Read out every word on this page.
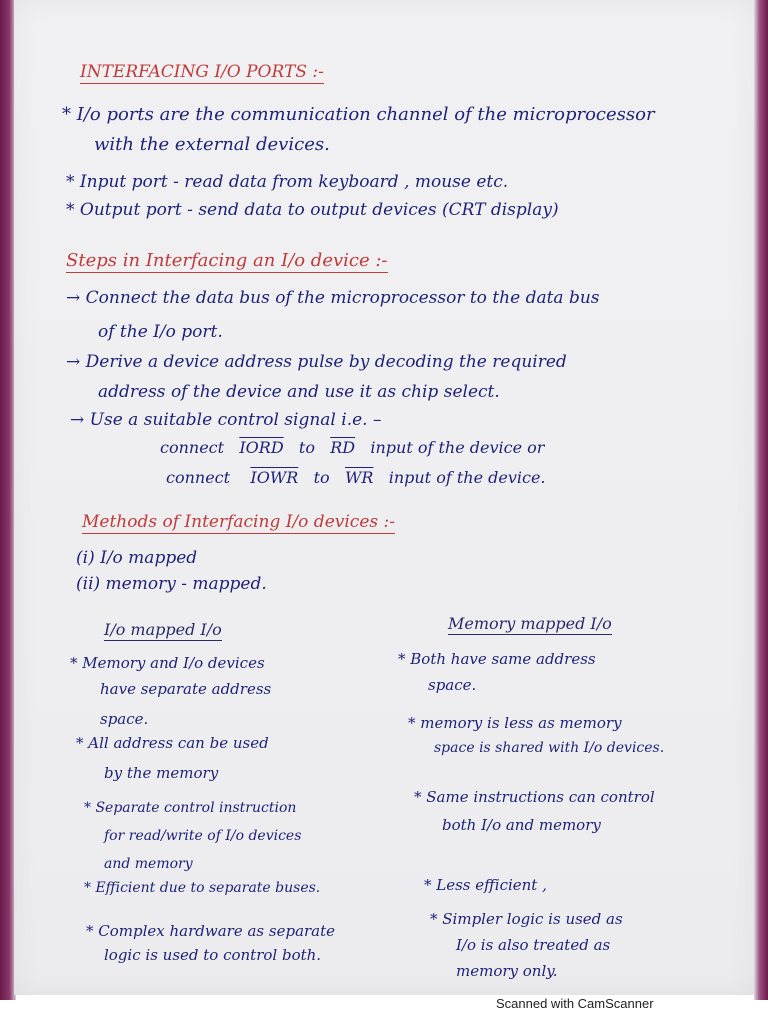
INTERFACING I/O PORTS :-
* I/o ports are the communication channel of the microprocessor
with the external devices.
* Input port - read data from keyboard , mouse etc.
* Output port - send data to output devices (CRT display)
Steps in Interfacing an I/o device :-
→ Connect the data bus of the microprocessor to the data bus
of the I/o port.
→ Derive a device address pulse by decoding the required
address of the device and use it as chip select.
→ Use a suitable control signal i.e. –
connect IORD to $\overline{RD}$ input of the device or
connect IOWR to $\overline{WR}$ input of the device.
Methods of Interfacing I/o devices :-
(i) I/o mapped
(ii) memory - mapped.
I/o mapped I/o	Memory mapped I/o
* Memory and I/o devices
have separate address
space.
* All address can be used
by the memory
* Separate control instruction
for read/write of I/o devices
and memory
* Efficient due to separate buses.
* Complex hardware as separate
logic is used to control both.
* Both have same address
space.
* memory is less as memory
space is shared with I/o devices.
* Same instructions can control
both I/o and memory
* Less efficient ,
* Simpler logic is used as
I/o is also treated as
memory only.
Scanned with CamScanner
